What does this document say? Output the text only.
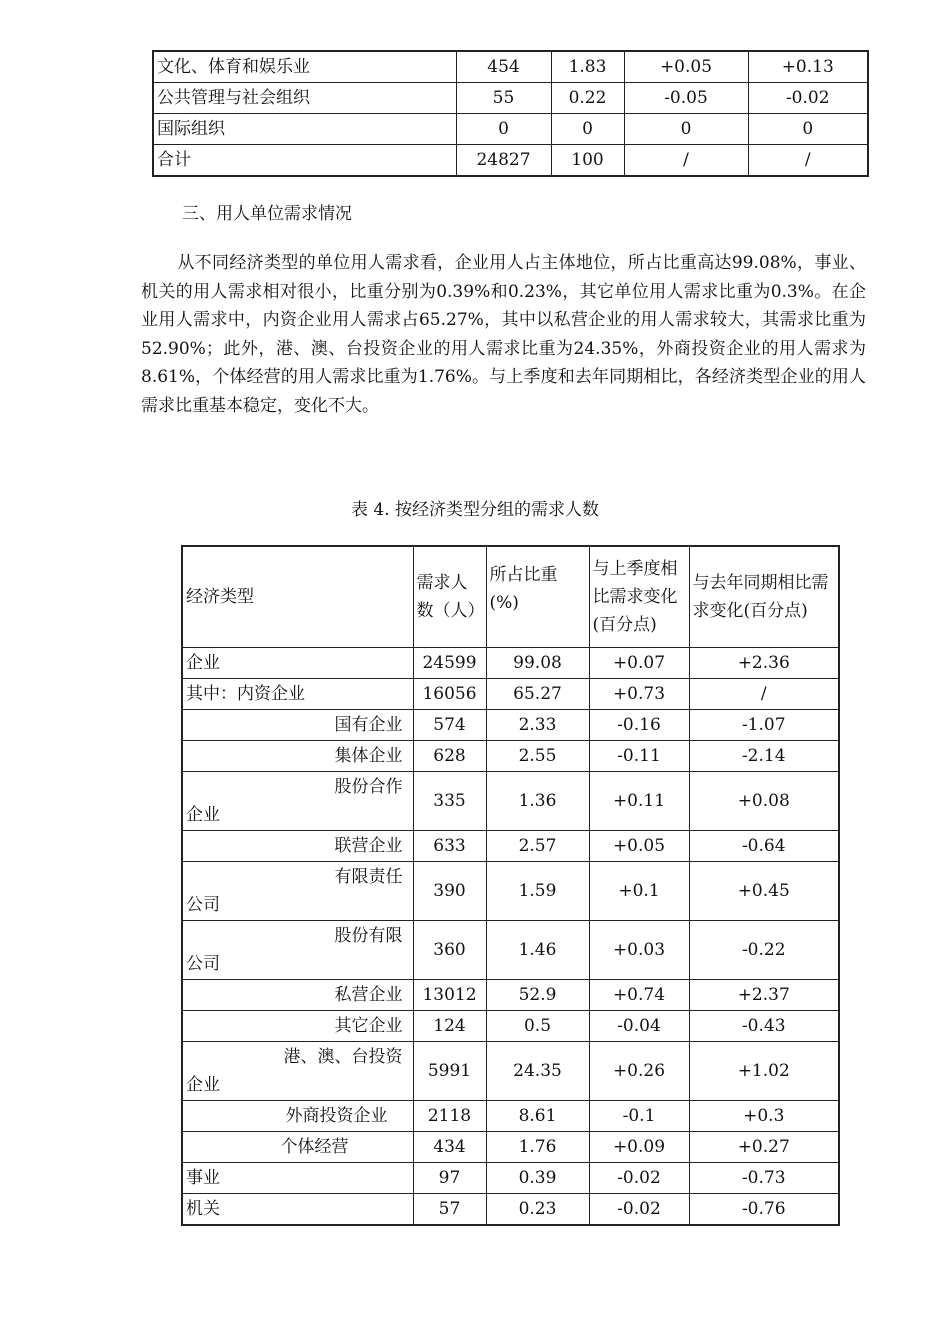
文化、体育和娱乐业	454	1.83	+0.05	+0.13
公共管理与社会组织	55	0.22	-0.05	-0.02
国际组织	0	0	0	0
合计	24827	100	/	/
三、用人单位需求情况

从不同经济类型的单位用人需求看，企业用人占主体地位，所占比重高达99.08%，事业、机关的用人需求相对很小，比重分别为0.39%和0.23%，其它单位用人需求比重为0.3%。在企业用人需求中，内资企业用人需求占65.27%，其中以私营企业的用人需求较大，其需求比重为52.90%；此外，港、澳、台投资企业的用人需求比重为24.35%，外商投资企业的用人需求为8.61%，个体经营的用人需求比重为1.76%。与上季度和去年同期相比，各经济类型企业的用人需求比重基本稳定，变化不大。

表 4. 按经济类型分组的需求人数

经济类型	需求人数（人）	所占比重(%)	与上季度相比需求变化(百分点)	与去年同期相比需求变化(百分点)
企业	24599	99.08	+0.07	+2.36
其中：内资企业	16056	65.27	+0.73	/
国有企业	574	2.33	-0.16	-1.07
集体企业	628	2.55	-0.11	-2.14

股份合作
企业	335	1.36	+0.11	+0.08
联营企业	633	2.57	+0.05	-0.64

有限责任
公司	390	1.59	+0.1	+0.45

股份有限
公司	360	1.46	+0.03	-0.22
私营企业	13012	52.9	+0.74	+2.37
其它企业	124	0.5	-0.04	-0.43

港、澳、台投资
企业	5991	24.35	+0.26	+1.02
外商投资企业	2118	8.61	-0.1	+0.3
个体经营	434	1.76	+0.09	+0.27
事业	97	0.39	-0.02	-0.73
机关	57	0.23	-0.02	-0.76
